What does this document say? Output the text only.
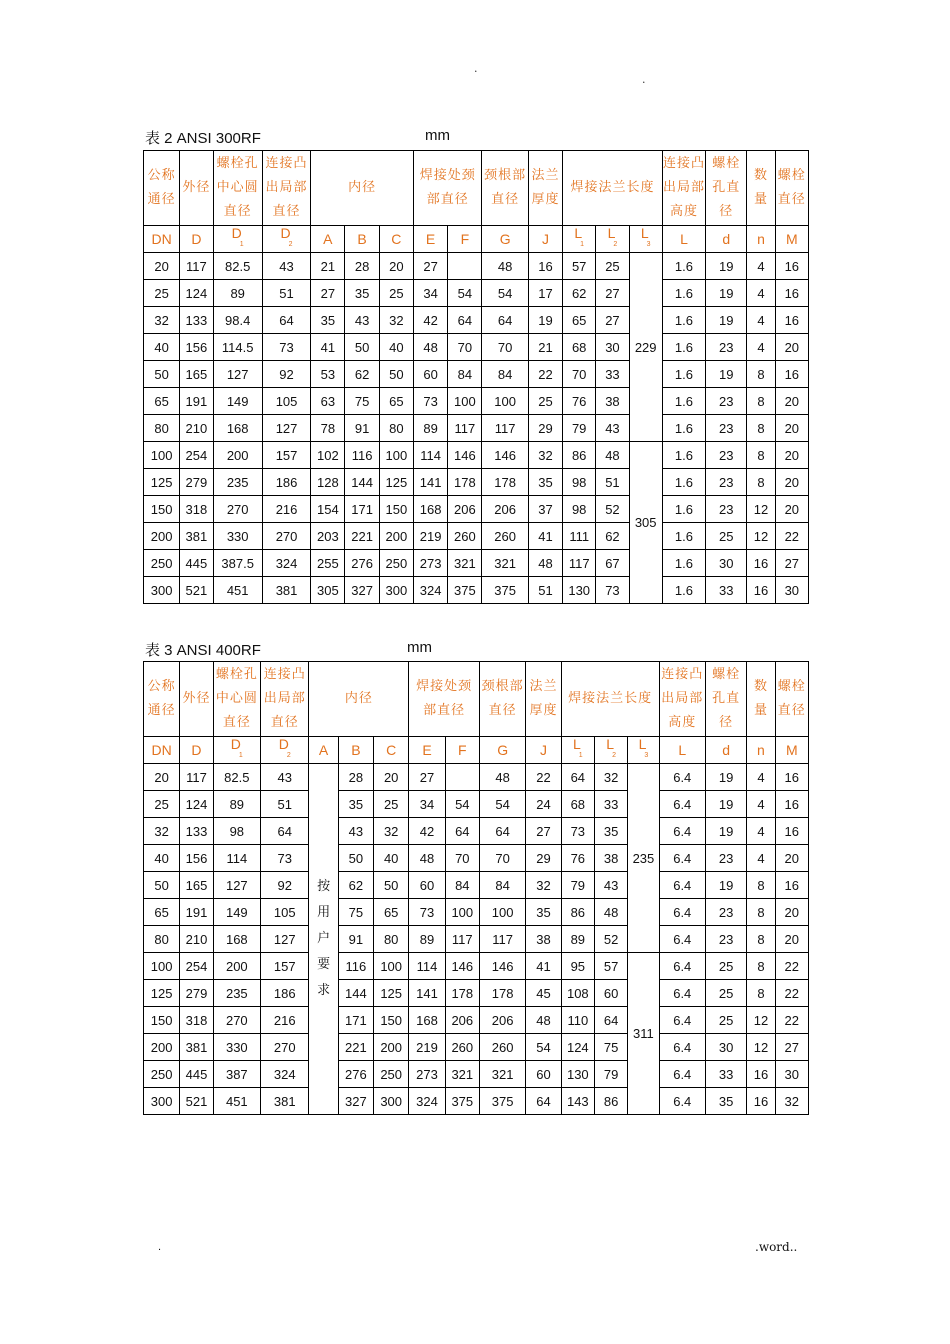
.
.
表 2 ANSI 300RF	mm
公称通径	外径	螺栓孔中心圆直径	连接凸出局部直径	内径			焊接处颈部直径		颈根部直径	法兰厚度	焊接法兰长度			连接凸出局部高度	螺栓孔直径	数量	螺栓直径
DN	D	$D_1$	$D_2$	A	B	C	E	F	G	J	$L_1$	$L_2$	$L_3$	L	d	n	M
20	117	82.5	43	21	28	20	27		48	16	57	25	229	1.6	19	4	16
25	124	89	51	27	35	25	34	54	54	17	62	27		1.6	19	4	16
32	133	98.4	64	35	43	32	42	64	64	19	65	27		1.6	19	4	16
40	156	114.5	73	41	50	40	48	70	70	21	68	30		1.6	23	4	20
50	165	127	92	53	62	50	60	84	84	22	70	33		1.6	19	8	16
65	191	149	105	63	75	65	73	100	100	25	76	38		1.6	23	8	20
80	210	168	127	78	91	80	89	117	117	29	79	43		1.6	23	8	20
100	254	200	157	102	116	100	114	146	146	32	86	48	305	1.6	23	8	20
125	279	235	186	128	144	125	141	178	178	35	98	51		1.6	23	8	20
150	318	270	216	154	171	150	168	206	206	37	98	52		1.6	23	12	20
200	381	330	270	203	221	200	219	260	260	41	111	62		1.6	25	12	22
250	445	387.5	324	255	276	250	273	321	321	48	117	67		1.6	30	16	27
300	521	451	381	305	327	300	324	375	375	51	130	73		1.6	33	16	30
表 3 ANSI 400RF	mm
公称通径	外径	螺栓孔中心圆直径	连接凸出局部直径	内径			焊接处颈部直径		颈根部直径	法兰厚度	焊接法兰长度			连接凸出局部高度	螺栓孔直径	数量	螺栓直径
DN	D	$D_1$	$D_2$	A	B	C	E	F	G	J	$L_1$	$L_2$	$L_3$	L	d	n	M
20	117	82.5	43	按用户要求	28	20	27		48	22	64	32	235	6.4	19	4	16
25	124	89	51		35	25	34	54	54	24	68	33		6.4	19	4	16
32	133	98	64		43	32	42	64	64	27	73	35		6.4	19	4	16
40	156	114	73		50	40	48	70	70	29	76	38		6.4	23	4	20
50	165	127	92		62	50	60	84	84	32	79	43		6.4	19	8	16
65	191	149	105		75	65	73	100	100	35	86	48		6.4	23	8	20
80	210	168	127		91	80	89	117	117	38	89	52		6.4	23	8	20
100	254	200	157		116	100	114	146	146	41	95	57	311	6.4	25	8	22
125	279	235	186		144	125	141	178	178	45	108	60		6.4	25	8	22
150	318	270	216		171	150	168	206	206	48	110	64		6.4	25	12	22
200	381	330	270		221	200	219	260	260	54	124	75		6.4	30	12	27
250	445	387	324		276	250	273	321	321	60	130	79		6.4	33	16	30
300	521	451	381		327	300	324	375	375	64	143	86		6.4	35	16	32
.	.word..
